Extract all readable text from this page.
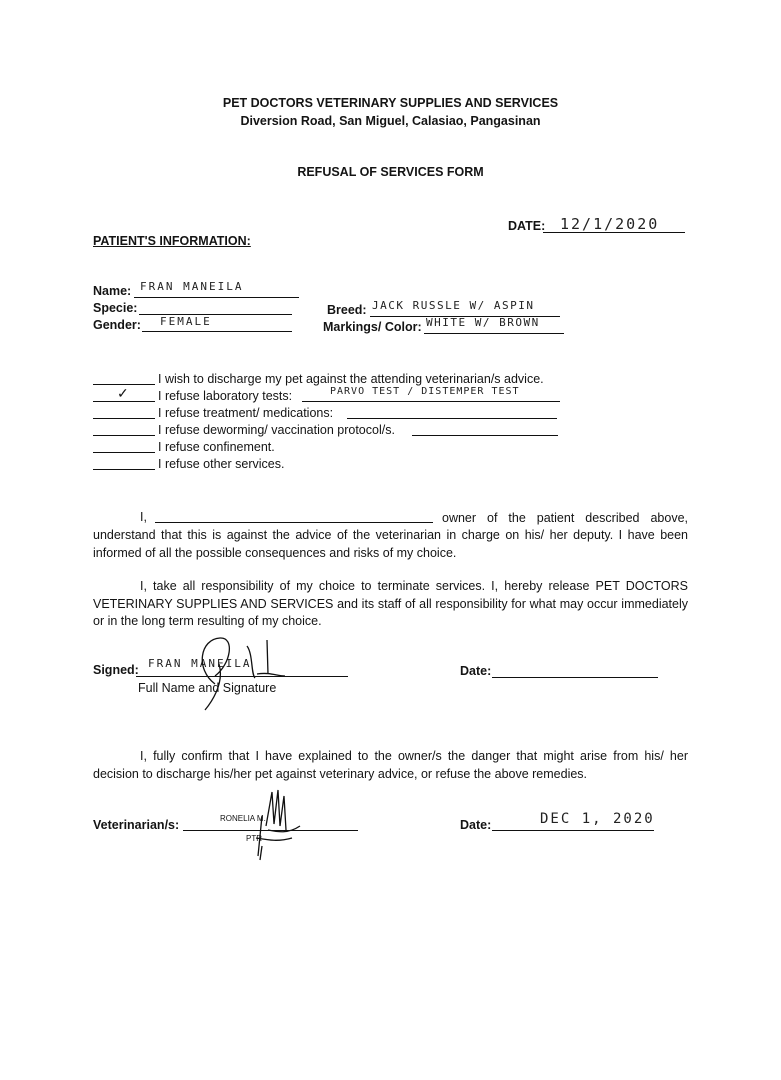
PET DOCTORS VETERINARY SUPPLIES AND SERVICES
Diversion Road, San Miguel, Calasiao, Pangasinan
REFUSAL OF SERVICES FORM
DATE: 12/1/2020
PATIENT'S INFORMATION:
Name: FRAN MANEILA
Specie:
Gender: FEMALE
Breed: JACK RUSSLE W/ ASPIN
Markings/ Color: WHITE W/ BROWN
I wish to discharge my pet against the attending veterinarian/s advice.
✓ I refuse laboratory tests:	PARVO TEST / DISTEMPER TEST
I refuse treatment/ medications:
I refuse deworming/ vaccination protocol/s.
I refuse confinement.
I refuse other services.
I,	owner of the patient described above,
understand that this is against the advice of the veterinarian in charge on his/ her deputy. I have been informed of all the possible consequences and risks of my choice.
I, take all responsibility of my choice to terminate services. I, hereby release PET DOCTORS VETERINARY SUPPLIES AND SERVICES and its staff of all responsibility for what may occur immediately or in the long term resulting of my choice.
Signed: FRAN MANEILA
Full Name and Signature
Date:
I, fully confirm that I have explained to the owner/s the danger that might arise from his/ her decision to discharge his/her pet against veterinary advice, or refuse the above remedies.
Veterinarian/s:	RONELIA M.
PTR
Date:	DEC 1, 2020
